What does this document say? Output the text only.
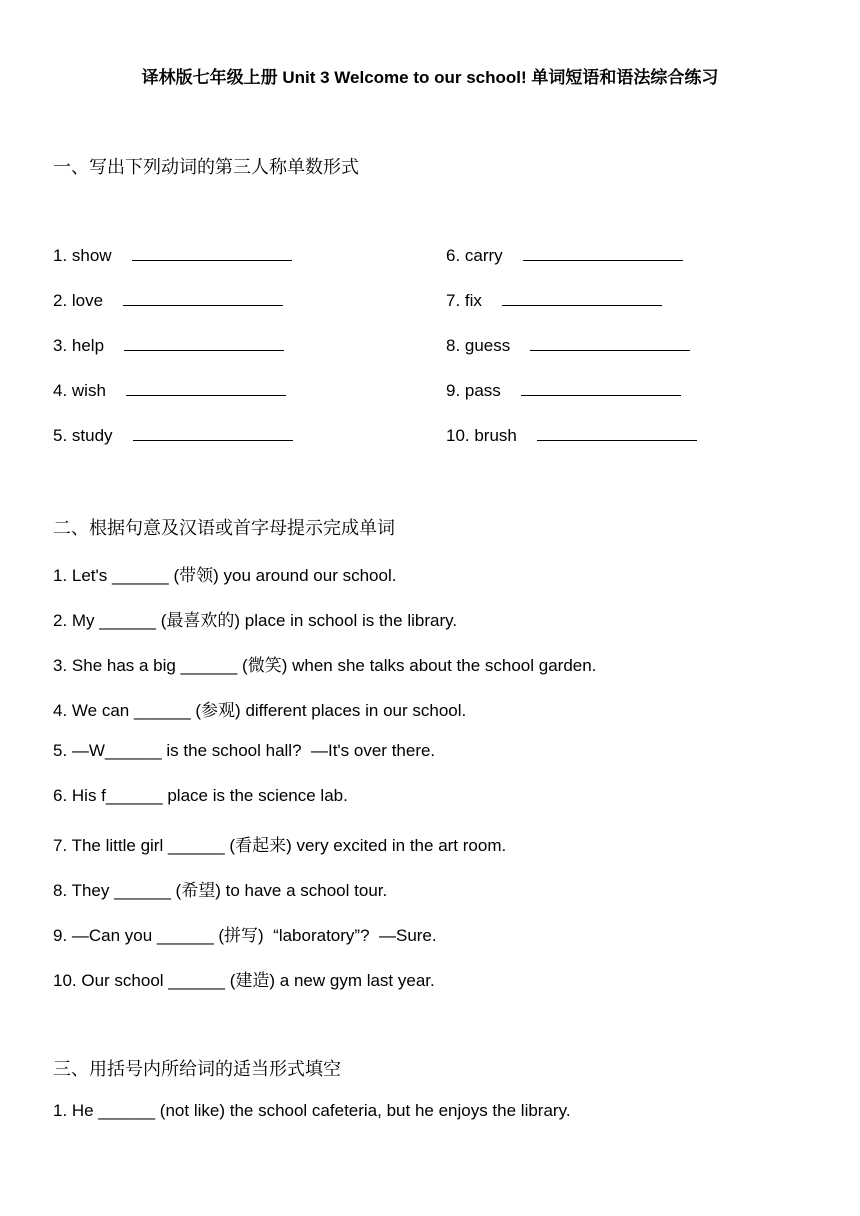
译林版七年级上册 Unit 3 Welcome to our school! 单词短语和语法综合练习
一、写出下列动词的第三人称单数形式
1. show
2. love
3. help
4. wish
5. study
6. carry
7. fix
8. guess
9. pass
10. brush
二、根据句意及汉语或首字母提示完成单词
1. Let's ______ (带领) you around our school.
2. My ______ (最喜欢的) place in school is the library.
3. She has a big ______ (微笑) when she talks about the school garden.
4. We can ______ (参观) different places in our school.
5. —W______ is the school hall?  —It's over there.
6. His f______ place is the science lab.
7. The little girl ______ (看起来) very excited in the art room.
8. They ______ (希望) to have a school tour.
9. —Can you ______ (拼写)  “laboratory”?  —Sure.
10. Our school ______ (建造) a new gym last year.
三、用括号内所给词的适当形式填空
1. He ______ (not like) the school cafeteria, but he enjoys the library.
